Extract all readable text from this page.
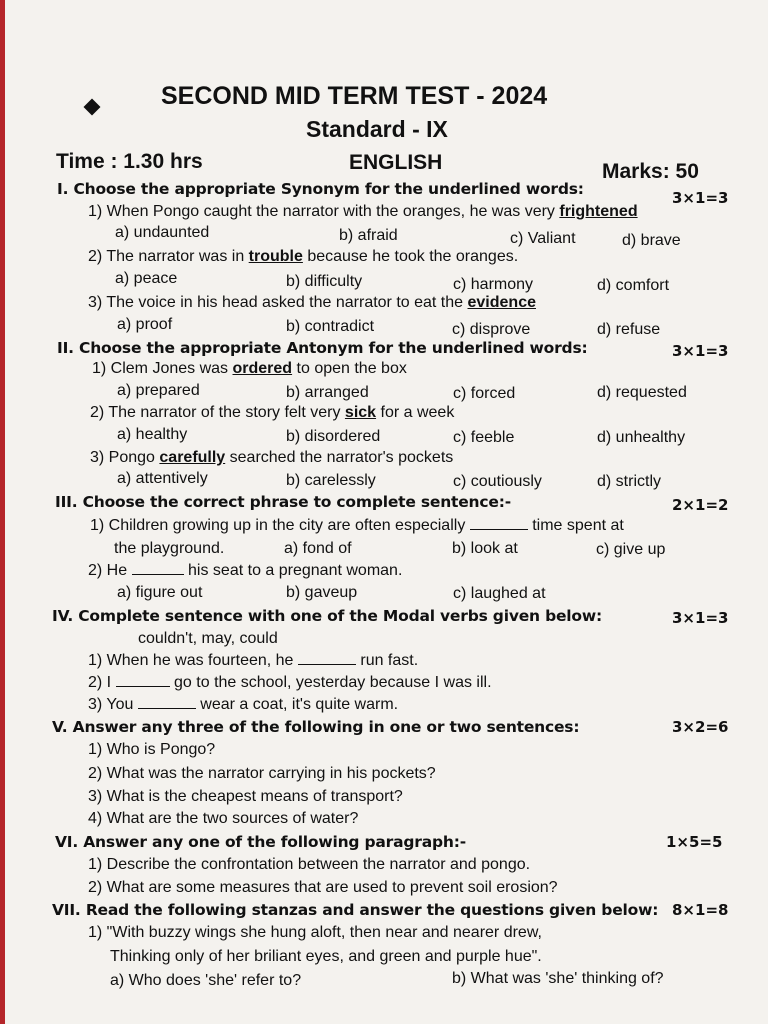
SECOND MID TERM TEST - 2024
Standard - IX
Time : 1.30 hrs	ENGLISH	Marks: 50
I. Choose the appropriate Synonym for the underlined words:	3×1=3
1) When Pongo caught the narrator with the oranges, he was very frightened
a) undaunted	b) afraid	c) Valiant	d) brave
2) The narrator was in trouble because he took the oranges.
a) peace	b) difficulty	c) harmony	d) comfort
3) The voice in his head asked the narrator to eat the evidence
a) proof	b) contradict	c) disprove	d) refuse
II. Choose the appropriate Antonym for the underlined words:	3×1=3
1) Clem Jones was ordered to open the box
a) prepared	b) arranged	c) forced	d) requested
2) The narrator of the story felt very sick for a week
a) healthy	b) disordered	c) feeble	d) unhealthy
3) Pongo carefully searched the narrator's pockets
a) attentively	b) carelessly	c) coutiously	d) strictly
III. Choose the correct phrase to complete sentence:-	2×1=2
1) Children growing up in the city are often especially	time spent at
the playground.	a) fond of	b) look at	c) give up
2) He	his seat to a pregnant woman.
a) figure out	b) gaveup	c) laughed at
IV. Complete sentence with one of the Modal verbs given below:	3×1=3
couldn't, may, could
1) When he was fourteen, he	run fast.
2) I	go to the school, yesterday because I was ill.
3) You	wear a coat, it's quite warm.
V. Answer any three of the following in one or two sentences:	3×2=6
1) Who is Pongo?
2) What was the narrator carrying in his pockets?
3) What is the cheapest means of transport?
4) What are the two sources of water?
VI. Answer any one of the following paragraph:-	1×5=5
1) Describe the confrontation between the narrator and pongo.
2) What are some measures that are used to prevent soil erosion?
VII. Read the following stanzas and answer the questions given below: 8×1=8
1) "With buzzy wings she hung aloft, then near and nearer drew,
Thinking only of her briliant eyes, and green and purple hue".
a) Who does 'she' refer to?	b) What was 'she' thinking of?
